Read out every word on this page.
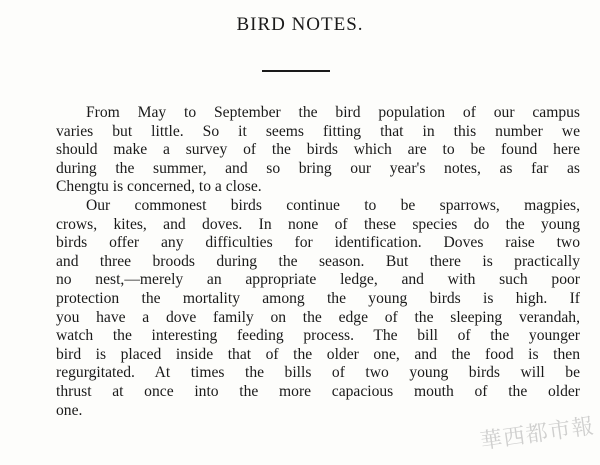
BIRD NOTES.
From May to September the bird population of our campus
varies but little. So it seems fitting that in this number we
should make a survey of the birds which are to be found here
during the summer, and so bring our year's notes, as far as
Chengtu is concerned, to a close.
Our commonest birds continue to be sparrows, magpies,
crows, kites, and doves. In none of these species do the young
birds offer any difficulties for identification. Doves raise two
and three broods during the season. But there is practically
no nest,—merely an appropriate ledge, and with such poor
protection the mortality among the young birds is high. If
you have a dove family on the edge of the sleeping verandah,
watch the interesting feeding process. The bill of the younger
bird is placed inside that of the older one, and the food is then
regurgitated. At times the bills of two young birds will be
thrust at once into the more capacious mouth of the older
one.
華西都市報
